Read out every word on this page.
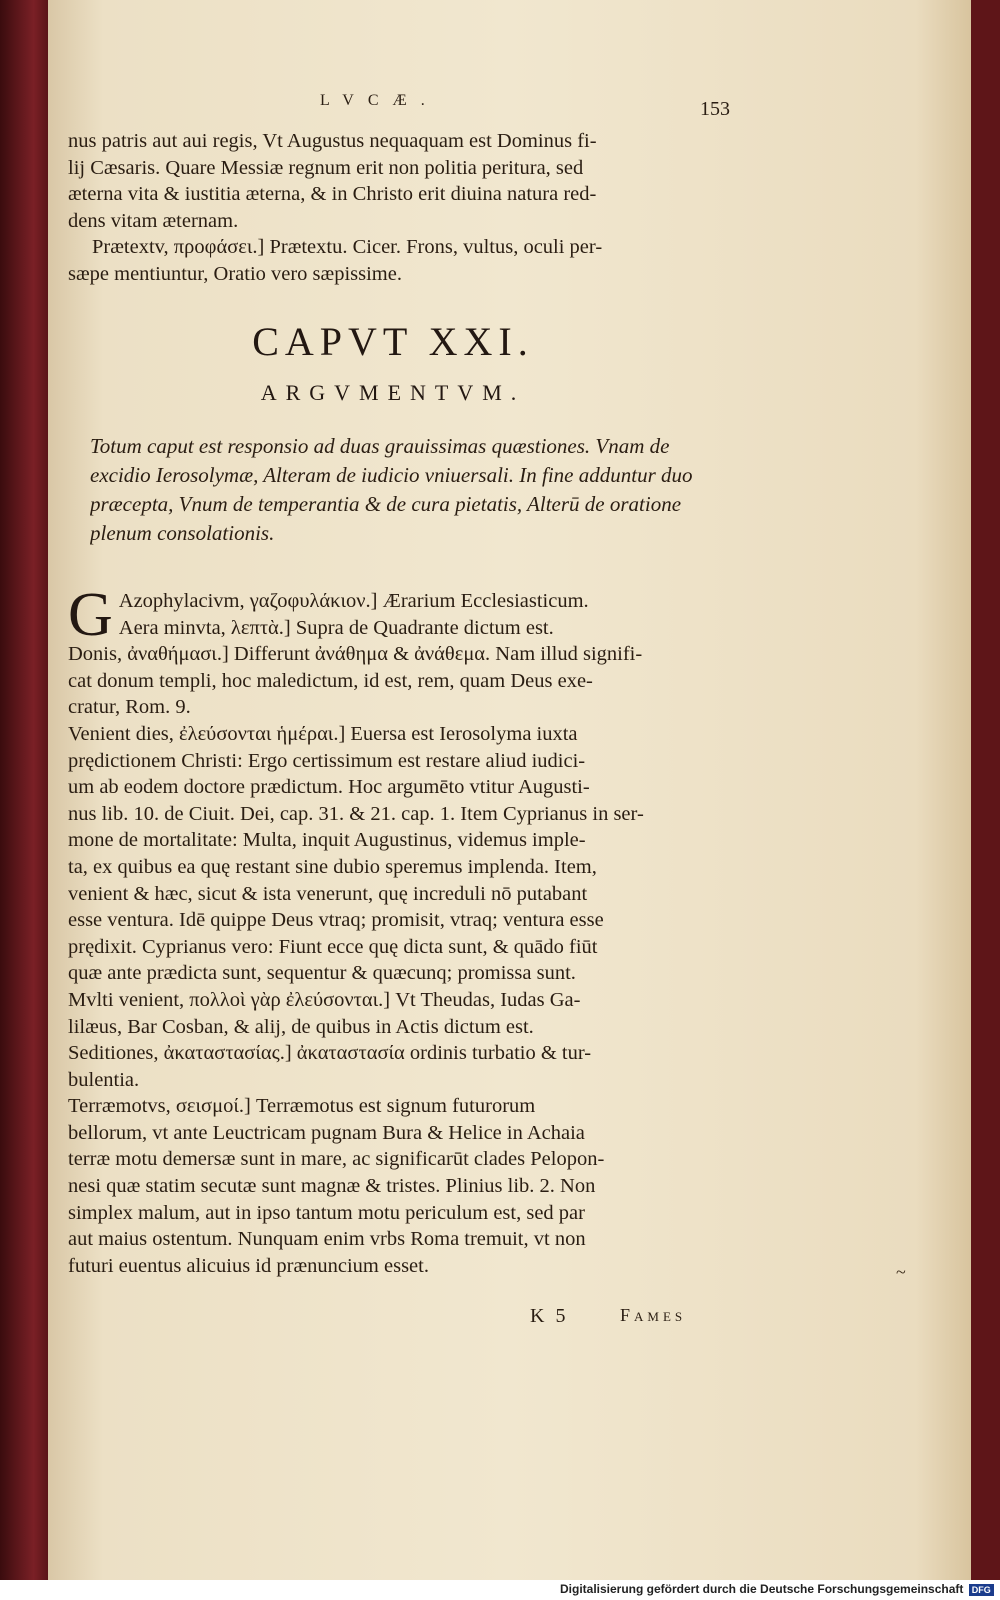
LVCÆ.	153
nus patris aut aui regis, Vt Augustus nequaquam est Dominus fi-
lij Cæsaris. Quare Messiæ regnum erit non politia peritura, sed
æterna vita & iustitia æterna, & in Christo erit diuina natura red-
dens vitam æternam.
Prætextv, προφάσει.] Prætextu. Cicer. Frons, vultus, oculi per-
sæpe mentiuntur, Oratio vero sæpissime.
CAPVT XXI.
ARGVMENTVM.
Totum caput est responsio ad duas grauissimas quæstiones. Vnam de
excidio Ierosolymæ, Alteram de iudicio vniuersali. In fine adduntur duo
præcepta, Vnum de temperantia & de cura pietatis, Alterū de oratione
plenum consolationis.
G Azophylacivm, γαζοφυλάκιον.] Ærarium Ecclesiasticum.
Aera minvta, λεπτὰ.] Supra de Quadrante dictum est.
Donis, ἀναθήμασι.] Differunt ἀνάθημα & ἀνάθεμα. Nam illud signifi-
cat donum templi, hoc maledictum, id est, rem, quam Deus exe-
cratur, Rom. 9.
Venient dies, ἐλεύσονται ἡμέραι.] Euersa est Ierosolyma iuxta
prędictionem Christi: Ergo certissimum est restare aliud iudici-
um ab eodem doctore prædictum. Hoc argumēto vtitur Augusti-
nus lib. 10. de Ciuit. Dei, cap. 31. & 21. cap. 1. Item Cyprianus in ser-
mone de mortalitate: Multa, inquit Augustinus, videmus imple-
ta, ex quibus ea quę restant sine dubio speremus implenda. Item,
venient & hæc, sicut & ista venerunt, quę increduli nō putabant
esse ventura. Idē quippe Deus vtraq; promisit, vtraq; ventura esse
prędixit. Cyprianus vero: Fiunt ecce quę dicta sunt, & quādo fiūt
quæ ante prædicta sunt, sequentur & quæcunq; promissa sunt.
Mvlti venient, πολλοὶ γὰρ ἐλεύσονται.] Vt Theudas, Iudas Ga-
lilæus, Bar Cosban, & alij, de quibus in Actis dictum est.
Seditiones, ἀκαταστασίας.] ἀκαταστασία ordinis turbatio & tur-
bulentia.
Terræmotvs, σεισμοί.] Terræmotus est signum futurorum
bellorum, vt ante Leuctricam pugnam Bura & Helice in Achaia
terræ motu demersæ sunt in mare, ac significarūt clades Pelopon-
nesi quæ statim secutæ sunt magnæ & tristes. Plinius lib. 2. Non
simplex malum, aut in ipso tantum motu periculum est, sed par
aut maius ostentum. Nunquam enim vrbs Roma tremuit, vt non
futuri euentus alicuius id prænuncium esset.	~
K 5	Fames
Digitalisierung gefördert durch die Deutsche Forschungsgemeinschaft DFG
